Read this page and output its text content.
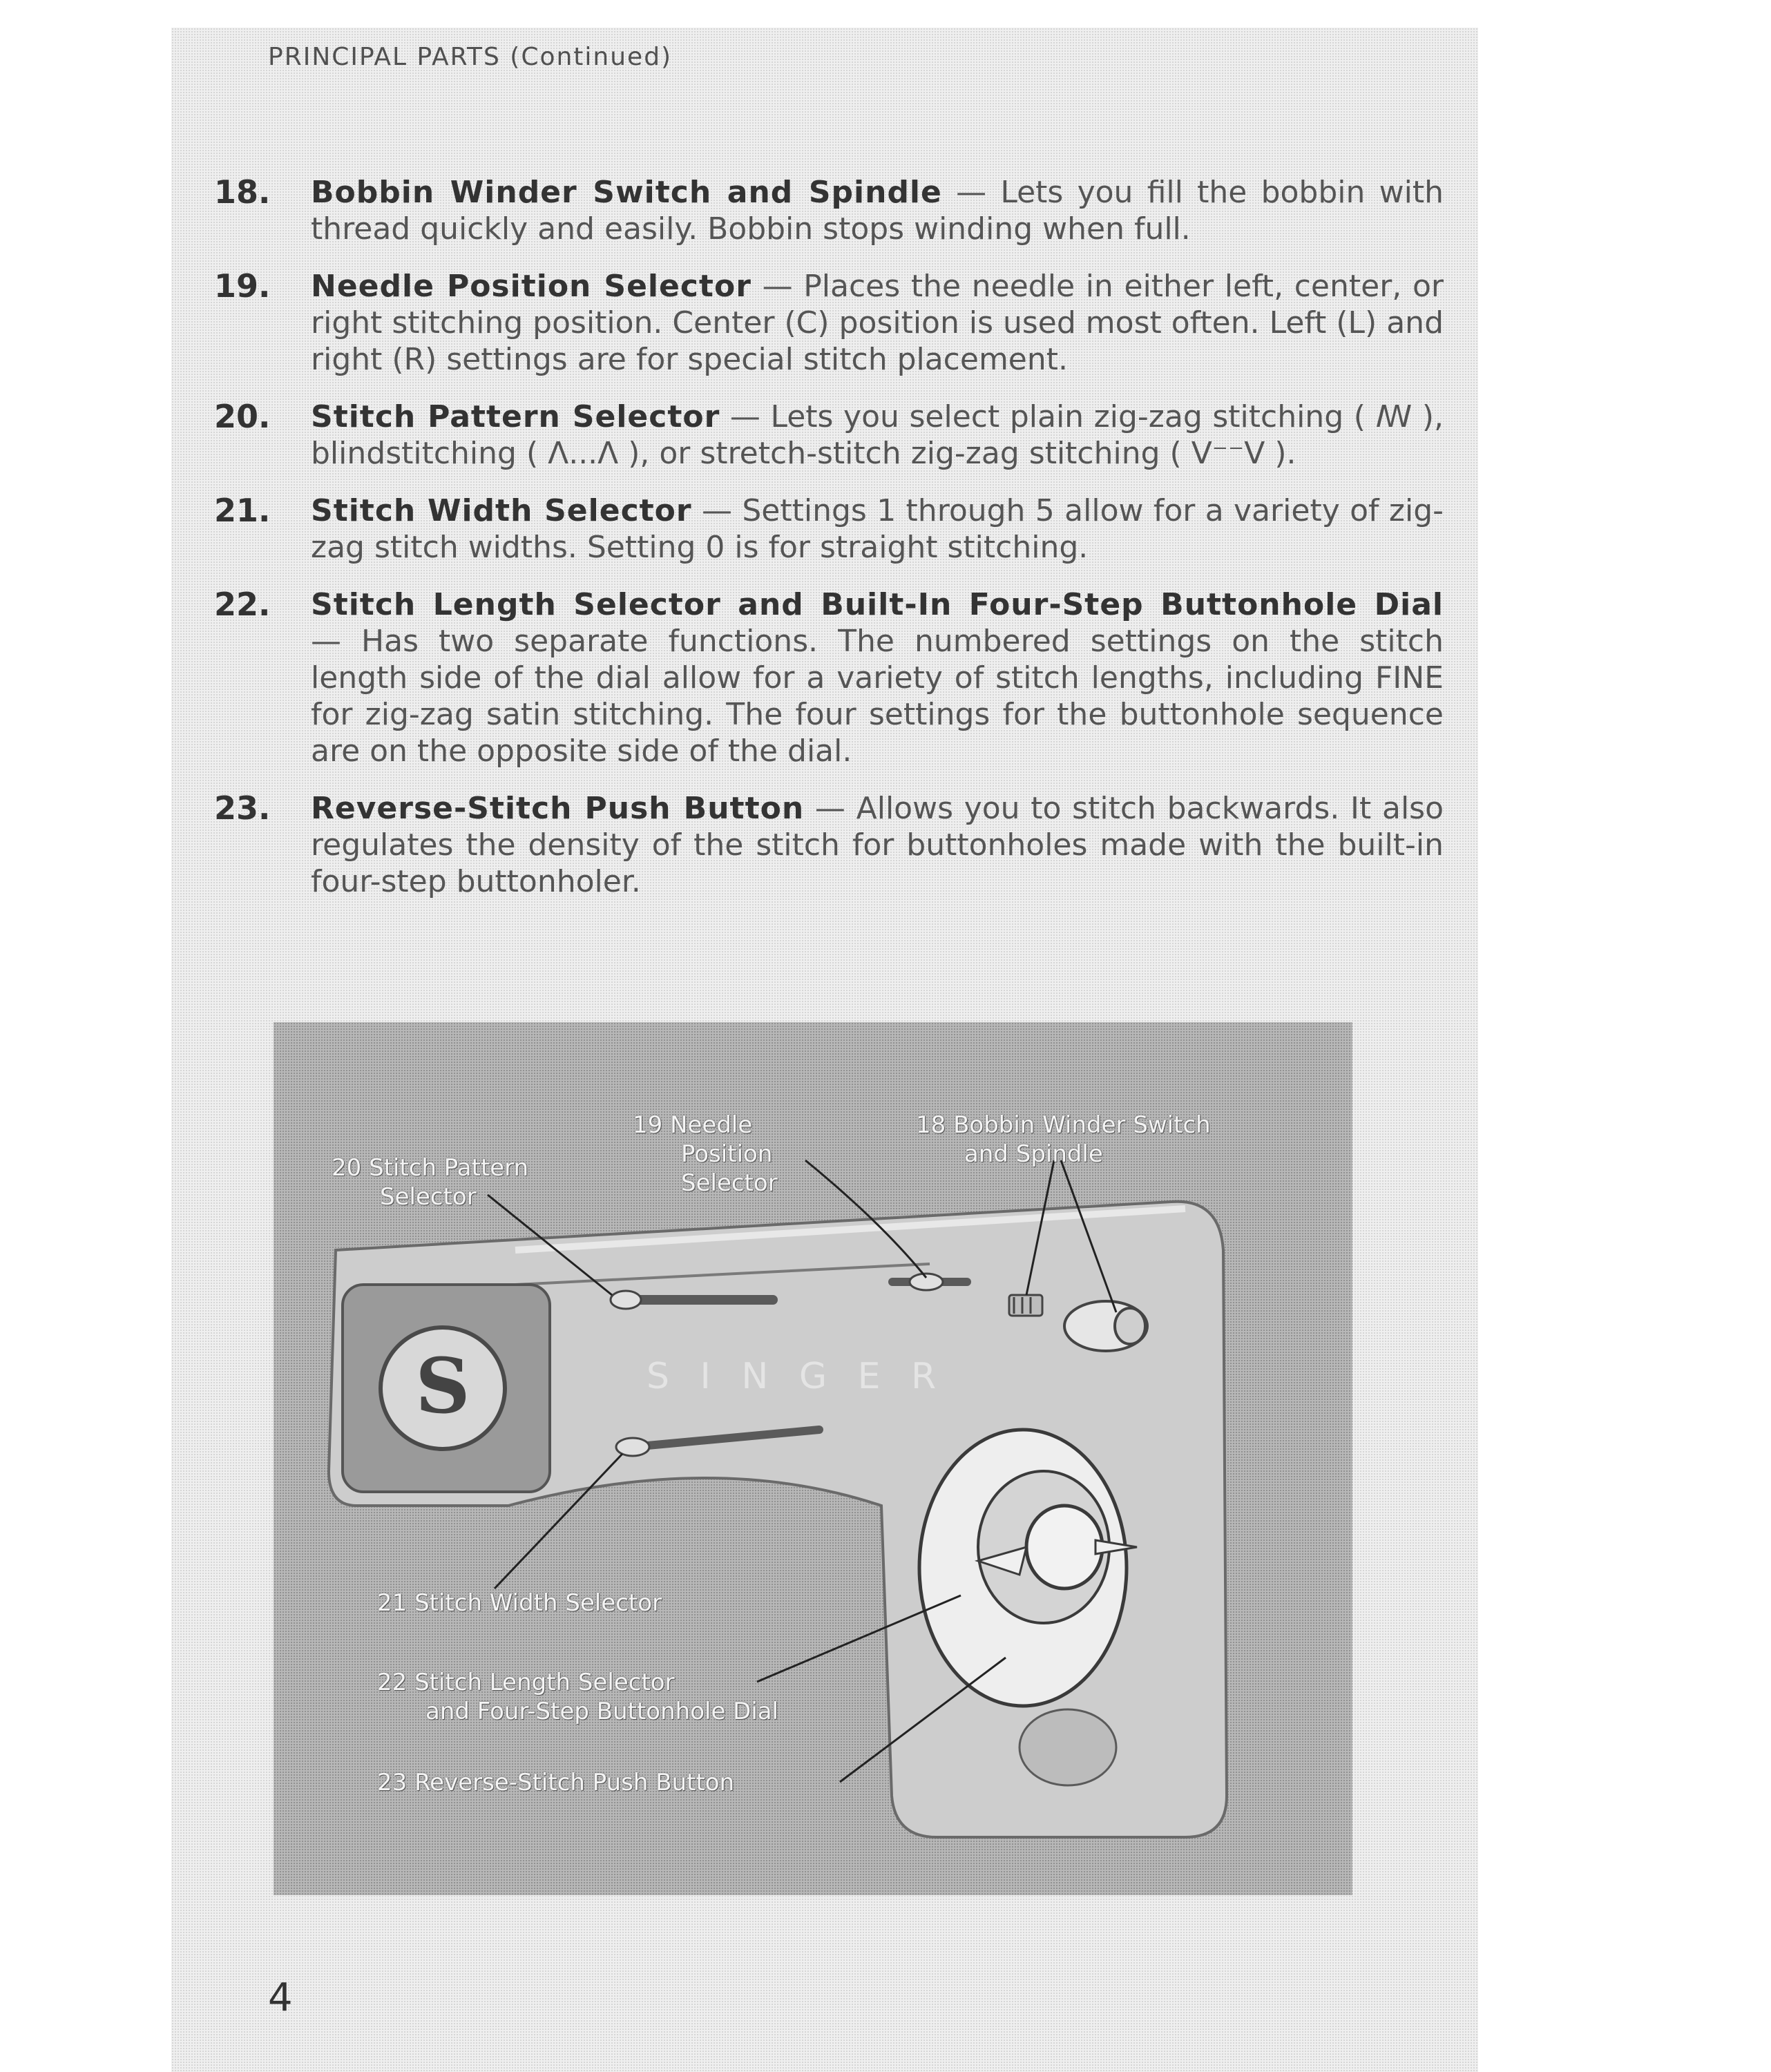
PRINCIPAL PARTS (Continued)
18.	Bobbin Winder Switch and Spindle — Lets you fill the bobbin with thread quickly and easily. Bobbin stops winding when full.
19.	Needle Position Selector — Places the needle in either left, center, or right stitching position. Center (C) position is used most often. Left (L) and right (R) settings are for special stitch placement.
20.	Stitch Pattern Selector — Lets you select plain zig-zag stitching ( ꟿ ), blindstitching ( Λ...Λ ), or stretch-stitch zig-zag stitching ( V⁻⁻V ).
21.	Stitch Width Selector — Settings 1 through 5 allow for a variety of zig-zag stitch widths. Setting 0 is for straight stitching.
22.	Stitch Length Selector and Built-In Four-Step Buttonhole Dial — Has two separate functions. The numbered settings on the stitch length side of the dial allow for a variety of stitch lengths, including FINE for zig-zag satin stitching. The four settings for the buttonhole sequence are on the opposite side of the dial.
23.	Reverse-Stitch Push Button — Allows you to stitch backwards. It also regulates the density of the stitch for buttonholes made with the built-in four-step buttonholer.
S	S I N G E R
20 Stitch Pattern
Selector
19 Needle
Position
Selector
18 Bobbin Winder Switch
and Spindle
21 Stitch Width Selector
22 Stitch Length Selector
and Four-Step Buttonhole Dial
23 Reverse-Stitch Push Button
4
